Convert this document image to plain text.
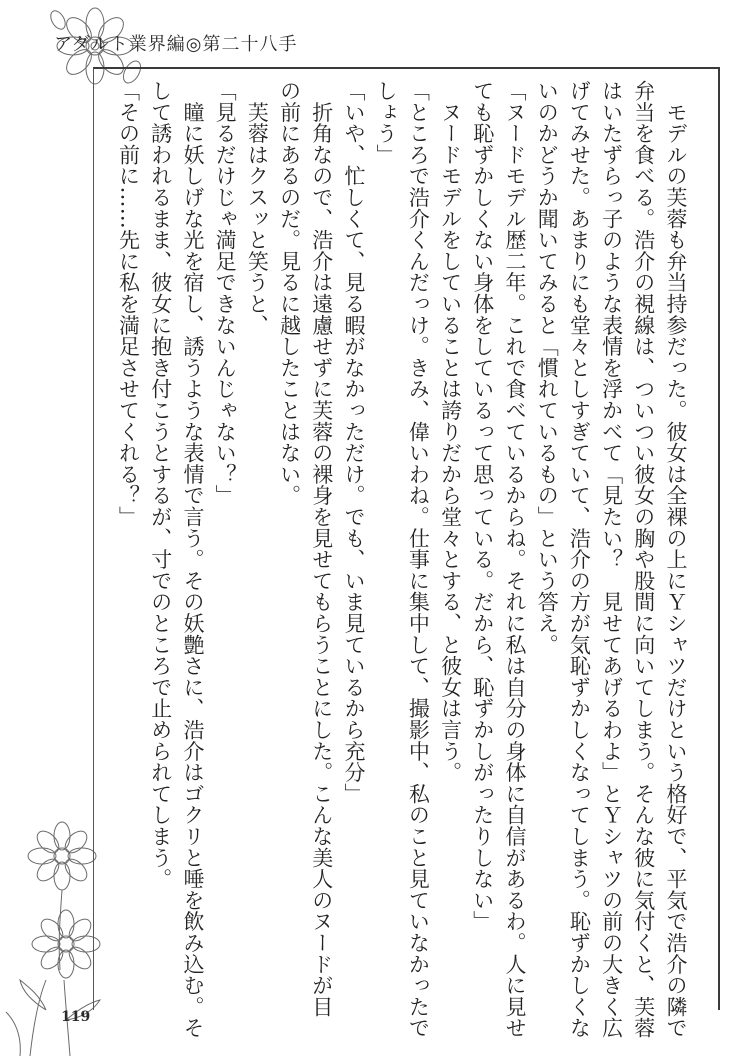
アダルト業界編◎第二十八手
　モデルの芙蓉も弁当持参だった。彼女は全裸の上にＹシャツだけという格好で、平気で浩介の隣で
弁当を食べる。浩介の視線は、ついつい彼女の胸や股間に向いてしまう。そんな彼に気付くと、芙蓉
はいたずらっ子のような表情を浮かべて「見たい？　見せてあげるわよ」とＹシャツの前の大きく広
げてみせた。あまりにも堂々としすぎていて、浩介の方が気恥ずかしくなってしまう。恥ずかしくな
いのかどうか聞いてみると「慣れているもの」という答え。
「ヌードモデル歴二年。これで食べているからね。それに私は自分の身体に自信があるわ。人に見せ
ても恥ずかしくない身体をしているって思っている。だから、恥ずかしがったりしない」
　ヌードモデルをしていることは誇りだから堂々とする、と彼女は言う。
「ところで浩介くんだっけ。きみ、偉いわね。仕事に集中して、撮影中、私のこと見ていなかったで
しょう」
「いや、忙しくて、見る暇がなかっただけ。でも、いま見ているから充分」
　折角なので、浩介は遠慮せずに芙蓉の裸身を見せてもらうことにした。こんな美人のヌードが目
の前にあるのだ。見るに越したことはない。
　芙蓉はクスッと笑うと、
「見るだけじゃ満足できないんじゃない？」
　瞳に妖しげな光を宿し、誘うような表情で言う。その妖艶さに、浩介はゴクリと唾を飲み込む。そ
して誘われるまま、彼女に抱き付こうとするが、寸でのところで止められてしまう。
「その前に……先に私を満足させてくれる？」
119
